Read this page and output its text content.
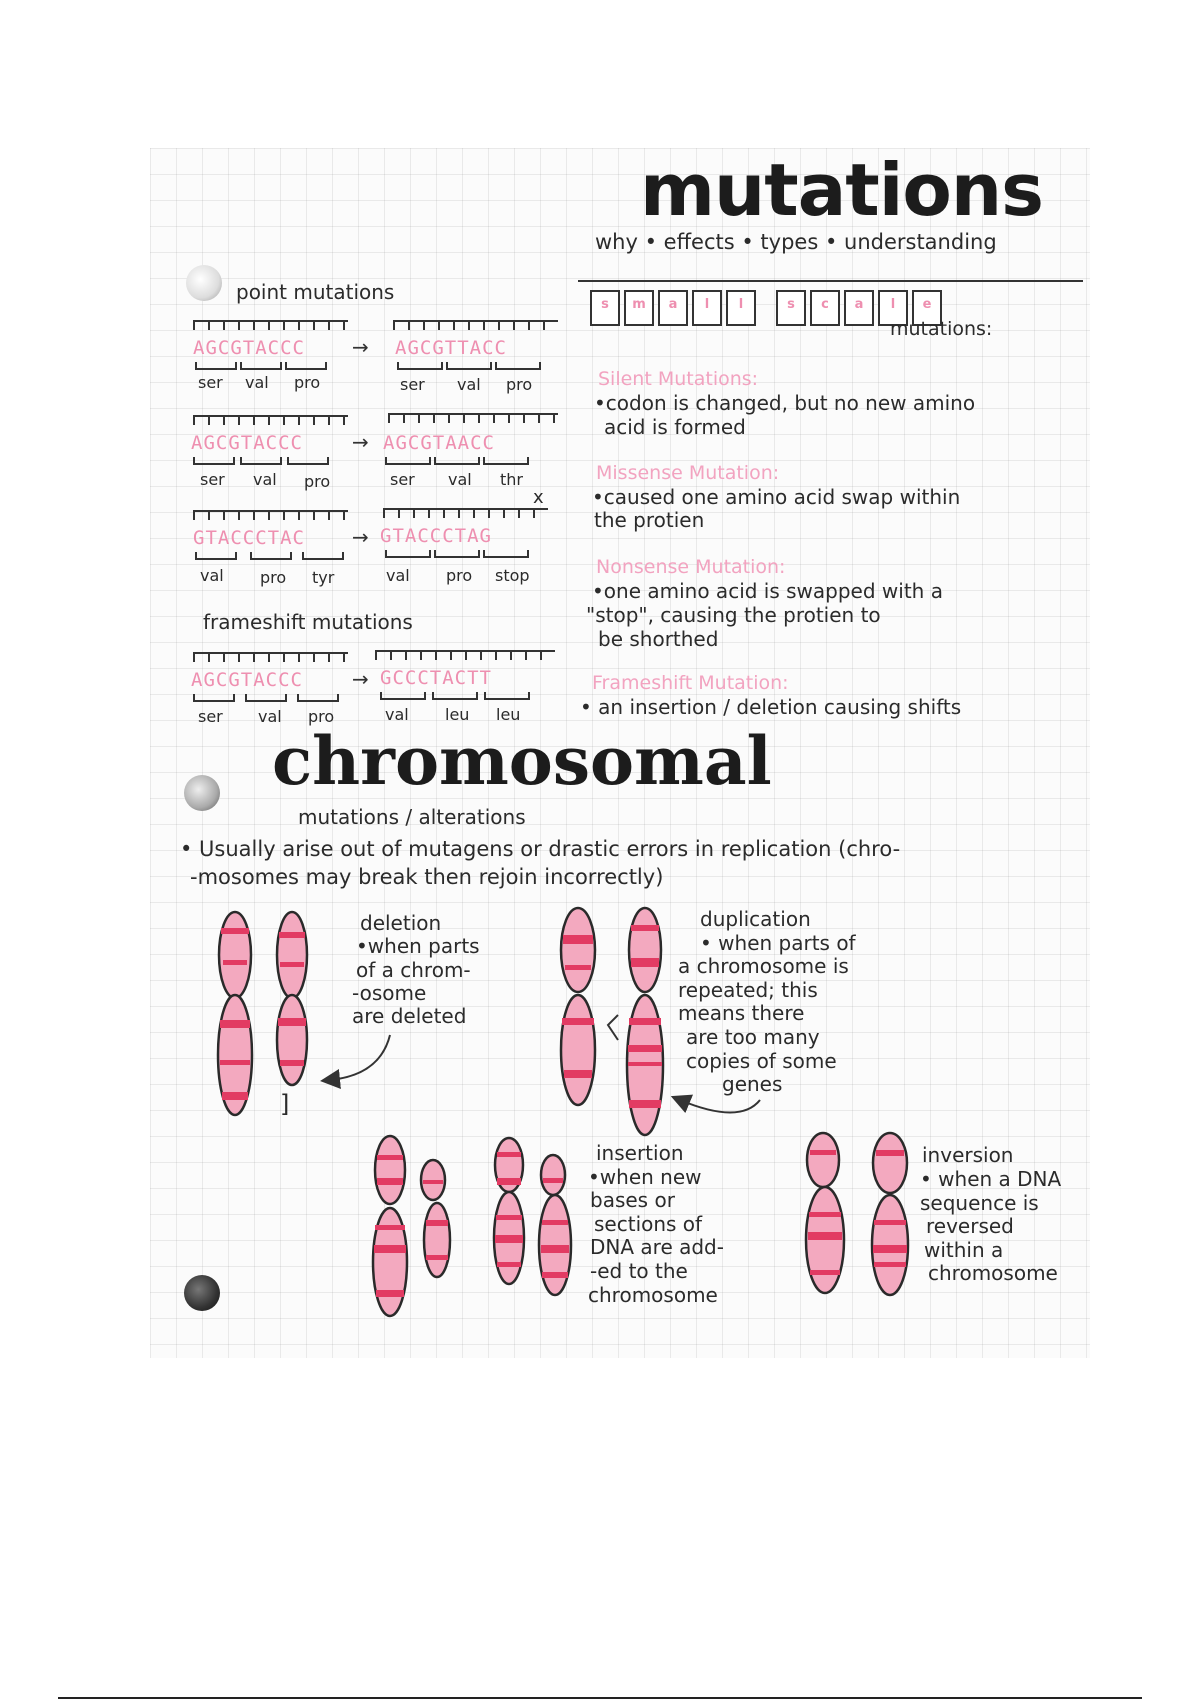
mutations
why • effects • types • understanding
s	m	a	l	l	s	c	a	l	e
mutations:
point mutations
AGCGTACCC → AGCGTTACC
ser val pro	ser val pro
AGCGTACCC → AGCGTAACC
ser val pro	ser val thr
x
GTACCCTAC → GTACCCTAG
val pro tyr	val pro stop
frameshift mutations
AGCGTACCC → GCCCTACTT
ser val pro	val leu leu
Silent Mutations:
•codon is changed, but no new amino
acid is formed
Missense Mutation:
•caused one amino acid swap within
the protien
Nonsense Mutation:
•one amino acid is swapped with a
"stop", causing the protien to
be shorthed
Frameshift Mutation:
• an insertion / deletion causing shifts
chromosomal
mutations / alterations
• Usually arise out of mutagens or drastic errors in replication (chro-
-mosomes may break then rejoin incorrectly)
]
deletion
•when parts
of a chrom-
-osome
are deleted
duplication
• when parts of
a chromosome is
repeated; this
means there
are too many
copies of some
genes
insertion
•when new
bases or
sections of
DNA are add-
-ed to the
chromosome
inversion
• when a DNA
sequence is
reversed
within a
chromosome
